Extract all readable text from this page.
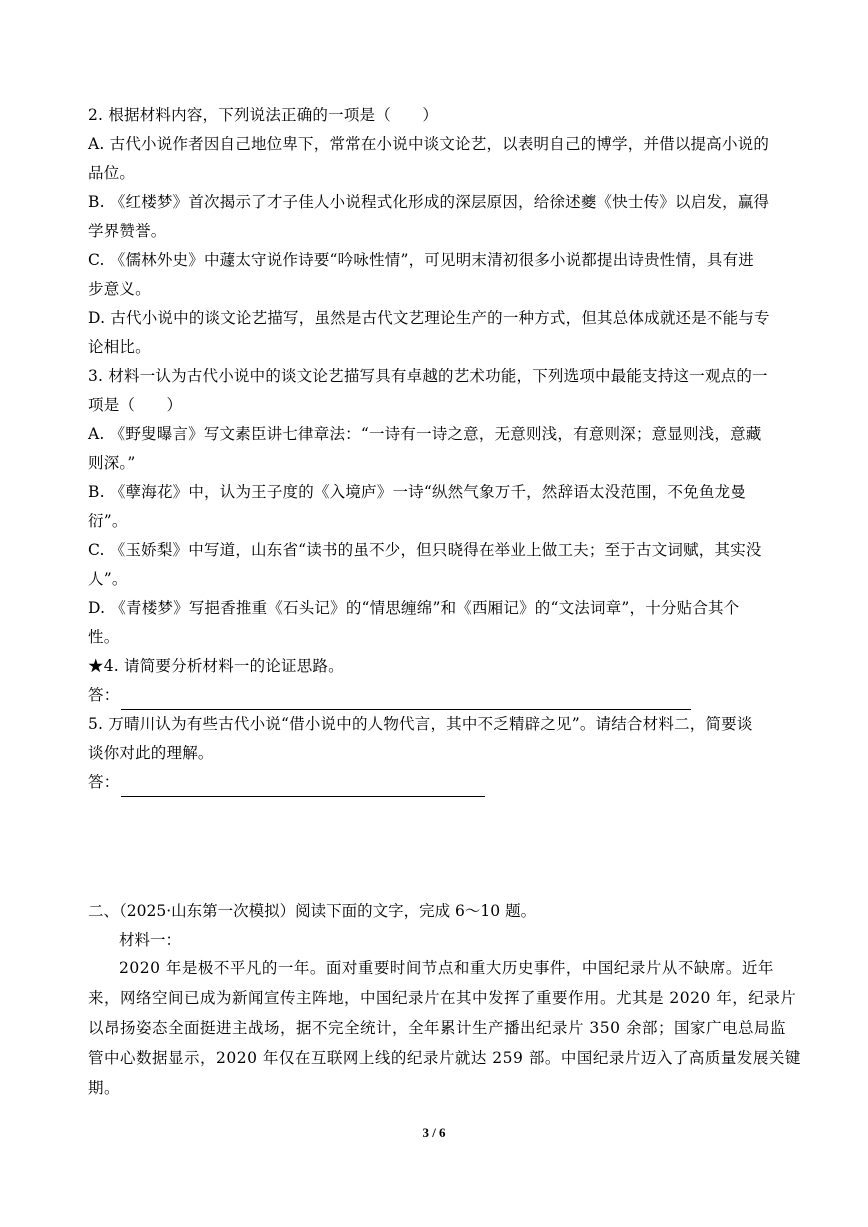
2. 根据材料内容，下列说法正确的一项是（　　）
A. 古代小说作者因自己地位卑下，常常在小说中谈文论艺，以表明自己的博学，并借以提高小说的
品位。
B. 《红楼梦》首次揭示了才子佳人小说程式化形成的深层原因，给徐述夔《快士传》以启发，赢得
学界赞誉。
C. 《儒林外史》中蘧太守说作诗要“吟咏性情”，可见明末清初很多小说都提出诗贵性情，具有进
步意义。
D. 古代小说中的谈文论艺描写，虽然是古代文艺理论生产的一种方式，但其总体成就还是不能与专
论相比。
3. 材料一认为古代小说中的谈文论艺描写具有卓越的艺术功能，下列选项中最能支持这一观点的一
项是（　　）
A. 《野叟曝言》写文素臣讲七律章法：“一诗有一诗之意，无意则浅，有意则深；意显则浅，意藏
则深。”
B. 《孽海花》中，认为王子度的《入境庐》一诗“纵然气象万千，然辞语太没范围，不免鱼龙曼
衍”。
C. 《玉娇梨》中写道，山东省“读书的虽不少，但只晓得在举业上做工夫；至于古文词赋，其实没
人”。
D. 《青楼梦》写挹香推重《石头记》的“情思缠绵”和《西厢记》的“文法词章”，十分贴合其个
性。
★4. 请简要分析材料一的论证思路。
答：
5. 万晴川认为有些古代小说“借小说中的人物代言，其中不乏精辟之见”。请结合材料二，简要谈
谈你对此的理解。
答：
二、（2025·山东第一次模拟）阅读下面的文字，完成 6～10 题。
材料一：
2020 年是极不平凡的一年。面对重要时间节点和重大历史事件，中国纪录片从不缺席。近年
来，网络空间已成为新闻宣传主阵地，中国纪录片在其中发挥了重要作用。尤其是 2020 年，纪录片
以昂扬姿态全面挺进主战场，据不完全统计，全年累计生产播出纪录片 350 余部；国家广电总局监
管中心数据显示，2020 年仅在互联网上线的纪录片就达 259 部。中国纪录片迈入了高质量发展关键
期。
3 / 6
